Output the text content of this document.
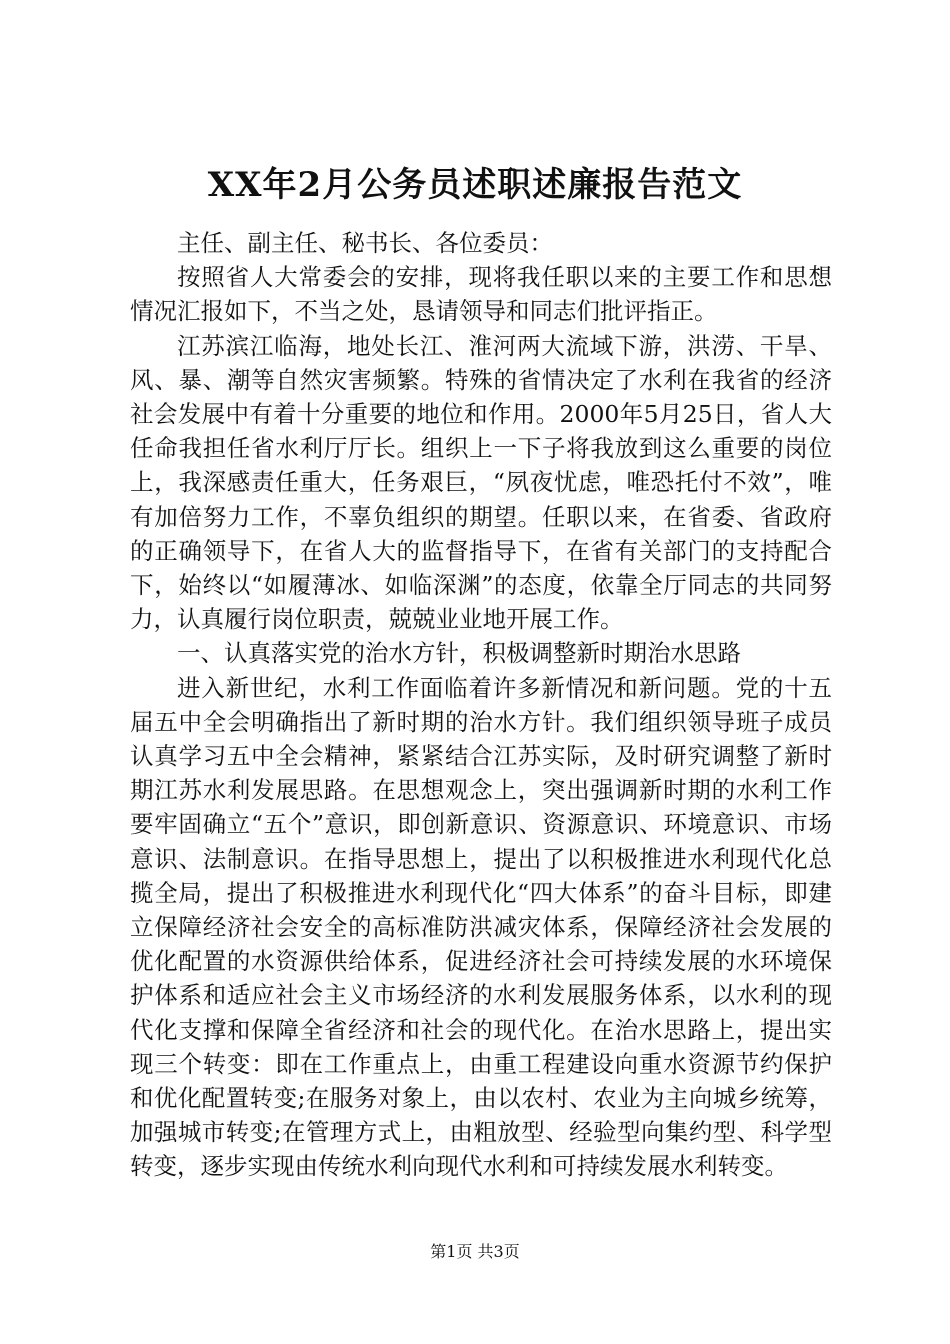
XX年2月公务员述职述廉报告范文

主任、副主任、秘书长、各位委员：

按照省人大常委会的安排，现将我任职以来的主要工作和思想情况汇报如下，不当之处，恳请领导和同志们批评指正。

江苏滨江临海，地处长江、淮河两大流域下游，洪涝、干旱、风、暴、潮等自然灾害频繁。特殊的省情决定了水利在我省的经济社会发展中有着十分重要的地位和作用。2000年5月25日，省人大任命我担任省水利厅厅长。组织上一下子将我放到这么重要的岗位上，我深感责任重大，任务艰巨，“夙夜忧虑，唯恐托付不效”，唯有加倍努力工作，不辜负组织的期望。任职以来，在省委、省政府的正确领导下，在省人大的监督指导下，在省有关部门的支持配合下，始终以“如履薄冰、如临深渊”的态度，依靠全厅同志的共同努力，认真履行岗位职责，兢兢业业地开展工作。

一、认真落实党的治水方针，积极调整新时期治水思路

进入新世纪，水利工作面临着许多新情况和新问题。党的十五届五中全会明确指出了新时期的治水方针。我们组织领导班子成员认真学习五中全会精神，紧紧结合江苏实际，及时研究调整了新时期江苏水利发展思路。在思想观念上，突出强调新时期的水利工作要牢固确立“五个”意识，即创新意识、资源意识、环境意识、市场意识、法制意识。在指导思想上，提出了以积极推进水利现代化总揽全局，提出了积极推进水利现代化“四大体系”的奋斗目标，即建立保障经济社会安全的高标准防洪减灾体系，保障经济社会发展的优化配置的水资源供给体系，促进经济社会可持续发展的水环境保护体系和适应社会主义市场经济的水利发展服务体系，以水利的现代化支撑和保障全省经济和社会的现代化。在治水思路上，提出实现三个转变：即在工作重点上，由重工程建设向重水资源节约保护和优化配置转变;在服务对象上，由以农村、农业为主向城乡统筹，加强城市转变;在管理方式上，由粗放型、经验型向集约型、科学型转变，逐步实现由传统水利向现代水利和可持续发展水利转变。

第1页 共3页
